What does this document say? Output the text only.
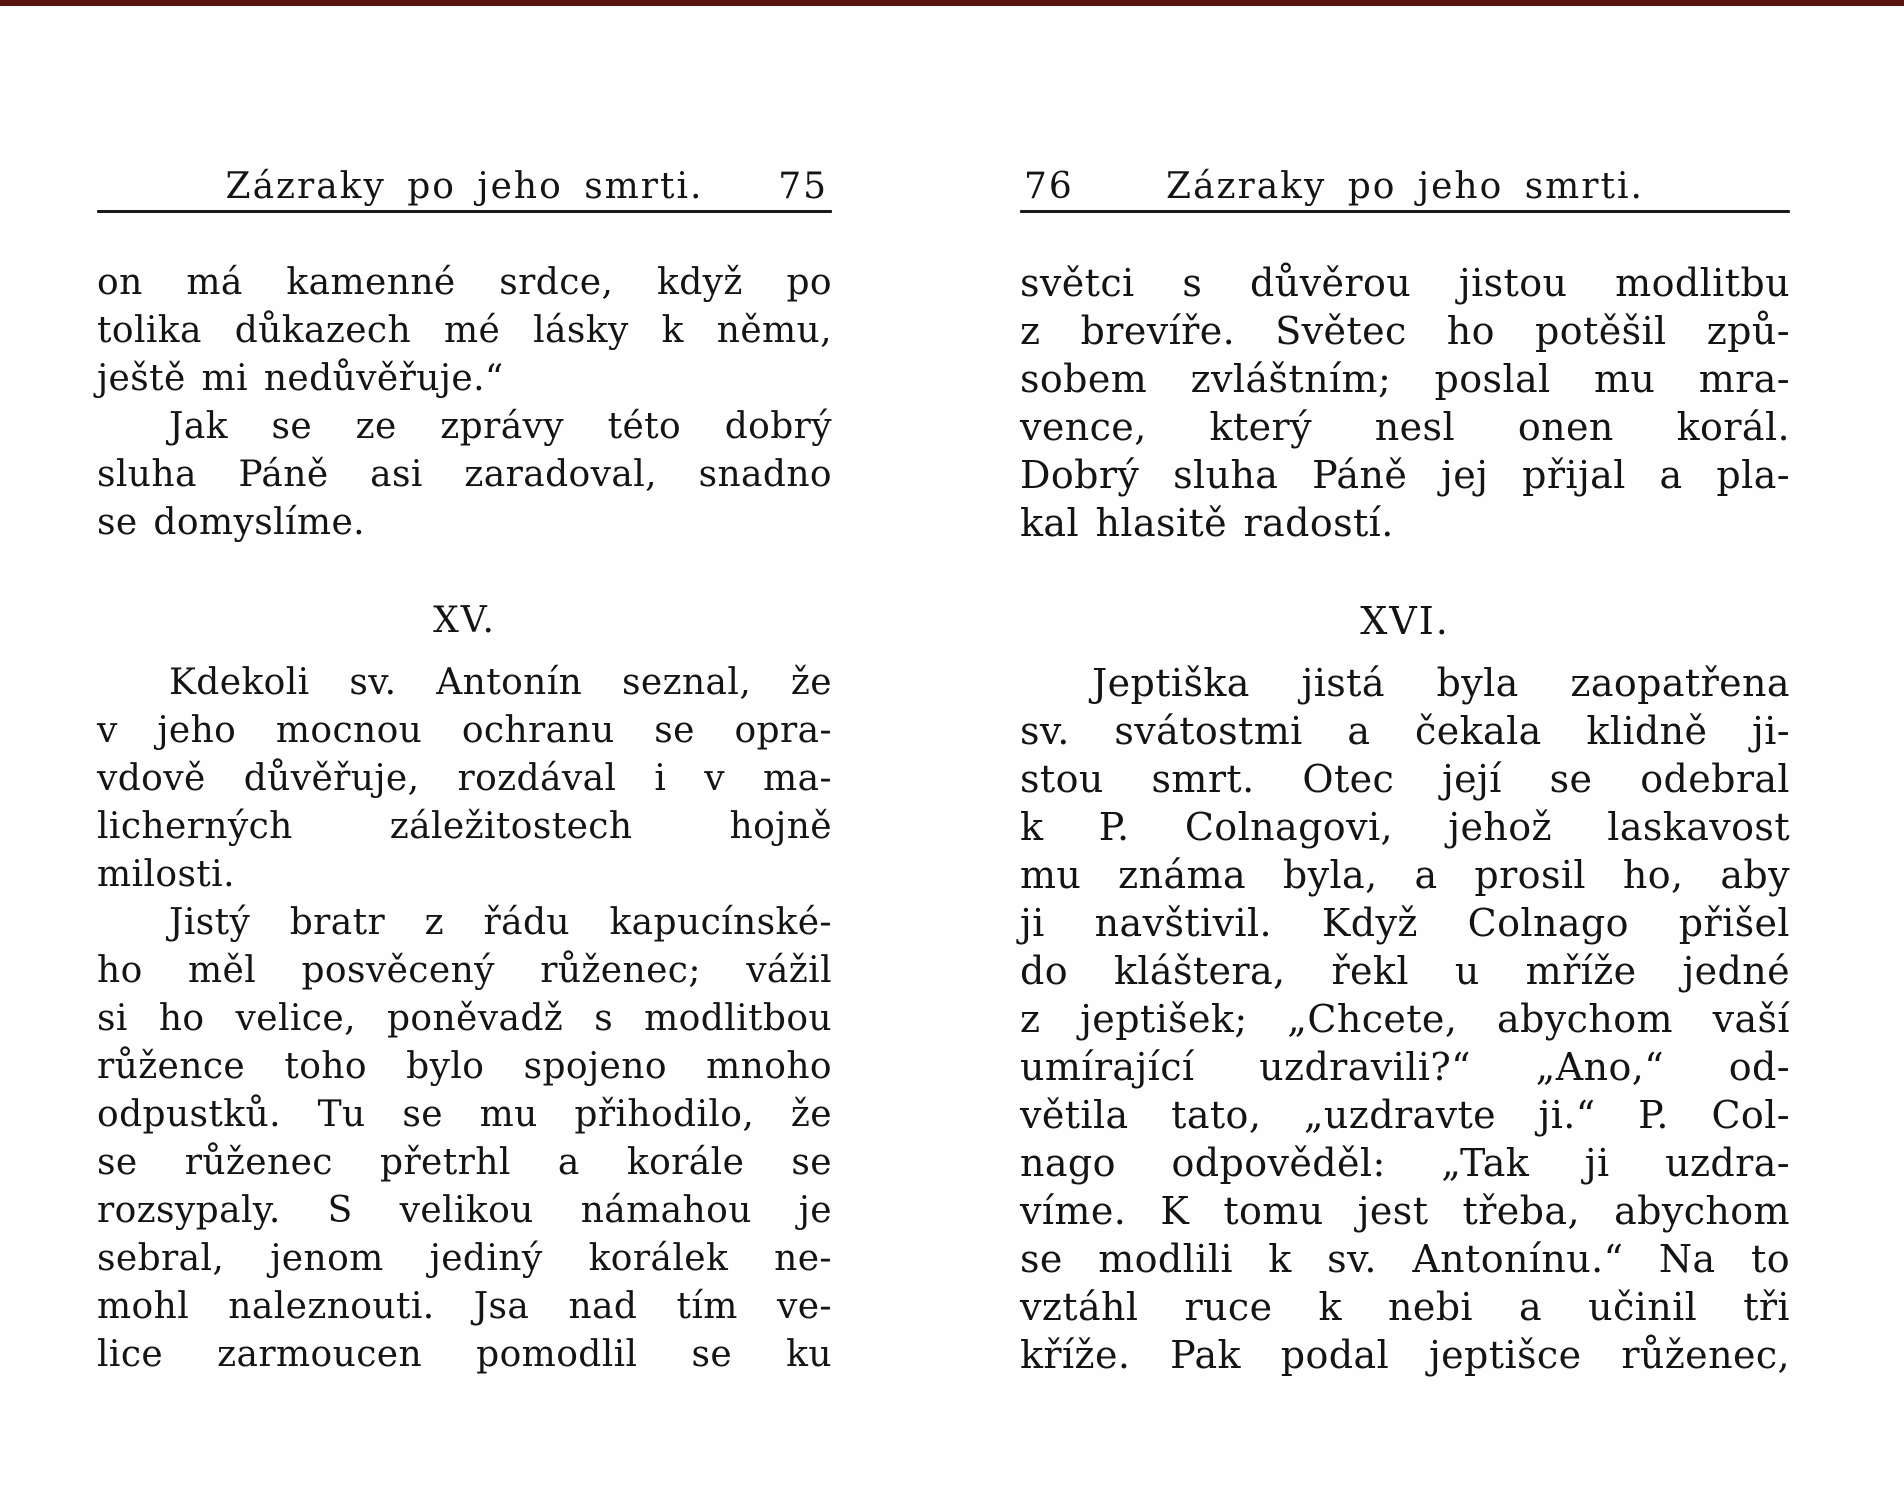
Zázraky po jeho smrti. 75
on má kamenné srdce, když po
tolika důkazech mé lásky k němu,
ještě mi nedůvěřuje.“
Jak se ze zprávy této dobrý
sluha Páně asi zaradoval, snadno
se domyslíme.
XV.
Kdekoli sv. Antonín seznal, že
v jeho mocnou ochranu se opra-
vdově důvěřuje, rozdával i v ma-
licherných záležitostech hojně
milosti.
Jistý bratr z řádu kapucínské-
ho měl posvěcený růženec; vážil
si ho velice, poněvadž s modlitbou
růžence toho bylo spojeno mnoho
odpustků. Tu se mu přihodilo, že
se růženec přetrhl a korále se
rozsypaly. S velikou námahou je
sebral, jenom jediný korálek ne-
mohl naleznouti. Jsa nad tím ve-
lice zarmoucen pomodlil se ku
76	Zázraky po jeho smrti.
světci s důvěrou jistou modlitbu
z brevíře. Světec ho potěšil způ-
sobem zvláštním; poslal mu mra-
vence, který nesl onen korál.
Dobrý sluha Páně jej přijal a pla-
kal hlasitě radostí.
XVI.
Jeptiška jistá byla zaopatřena
sv. svátostmi a čekala klidně ji-
stou smrt. Otec její se odebral
k P. Colnagovi, jehož laskavost
mu známa byla, a prosil ho, aby
ji navštivil. Když Colnago přišel
do kláštera, řekl u mříže jedné
z jeptišek; „Chcete, abychom vaší
umírající uzdravili?“ „Ano,“ od-
větila tato, „uzdravte ji.“ P. Col-
nago odpověděl: „Tak ji uzdra-
víme. K tomu jest třeba, abychom
se modlili k sv. Antonínu.“ Na to
vztáhl ruce k nebi a učinil tři
kříže. Pak podal jeptišce růženec,
